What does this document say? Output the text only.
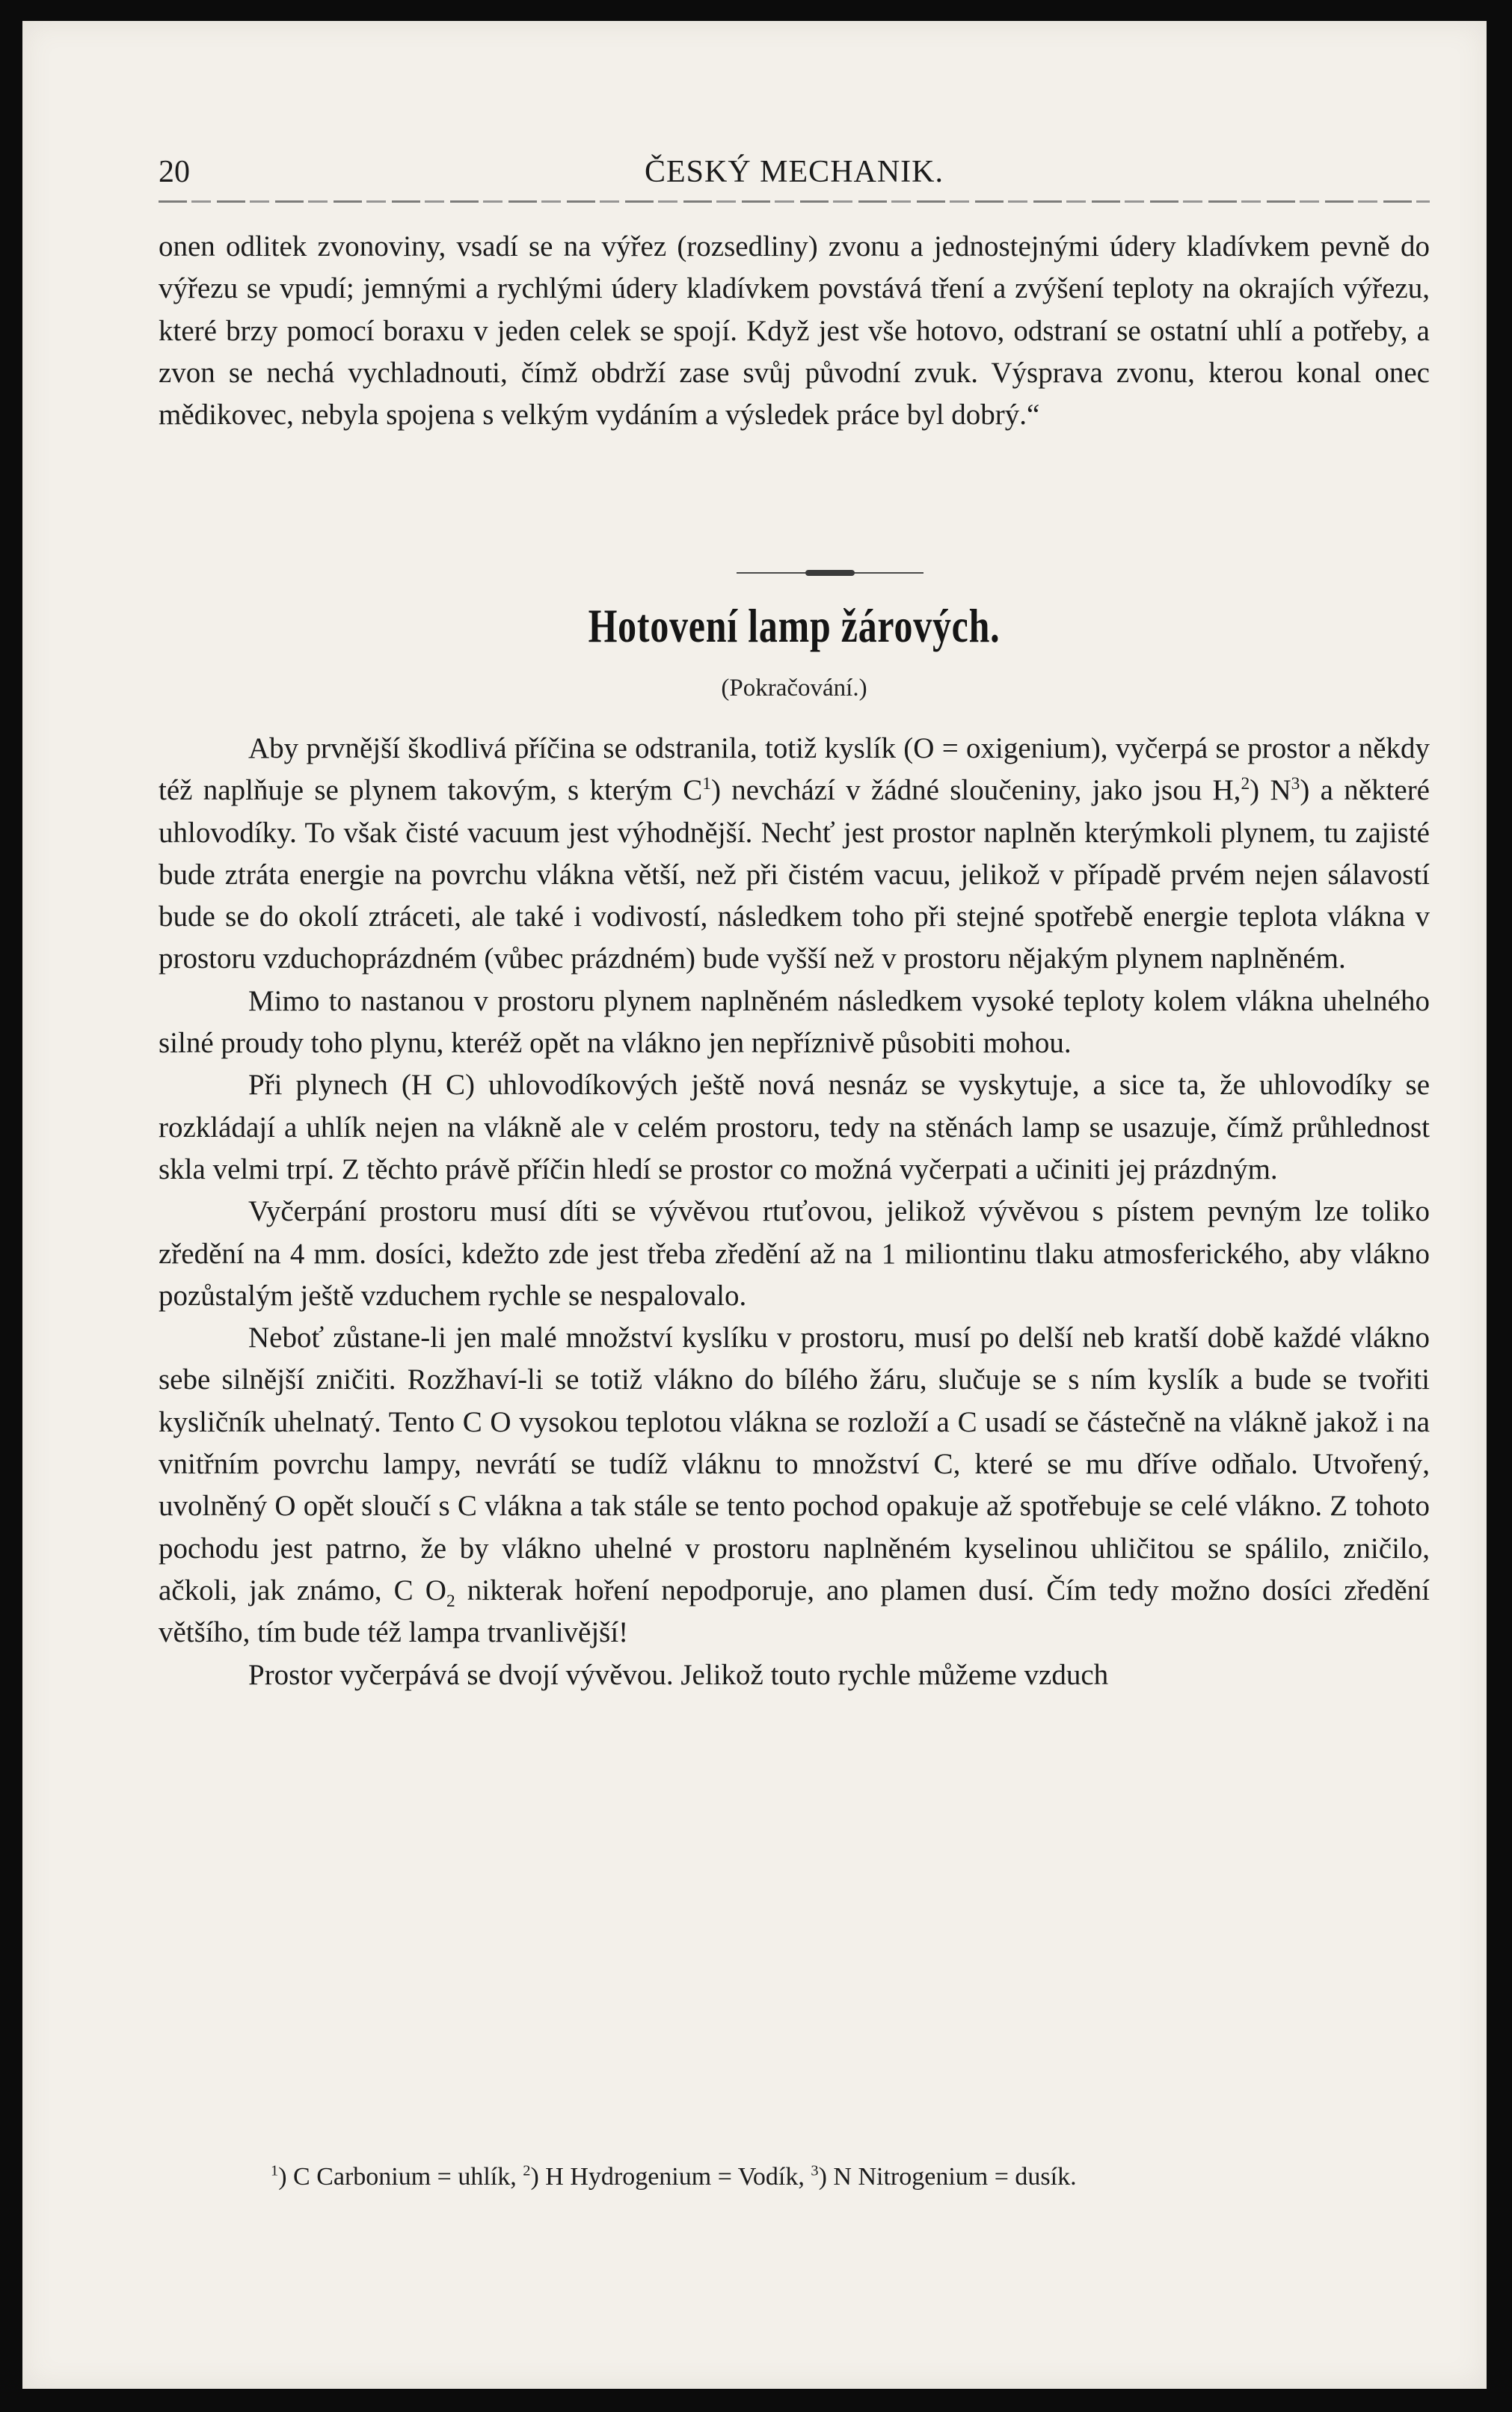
20	ČESKÝ MECHANIK.

onen odlitek zvonoviny, vsadí se na výřez (rozsedliny) zvonu a jednostejnými údery kladívkem pevně do výřezu se vpudí; jemnými a rychlými údery kladívkem povstává tření a zvýšení teploty na okrajích výřezu, které brzy pomocí boraxu v jeden celek se spojí. Když jest vše hotovo, odstraní se ostatní uhlí a potřeby, a zvon se nechá vychladnouti, čímž obdrží zase svůj původní zvuk. Výsprava zvonu, kterou konal onec mědikovec, nebyla spojena s velkým vydáním a výsledek práce byl dobrý.“

Hotovení lamp žárových.
(Pokračování.)

Aby prvnější škodlivá příčina se odstranila, totiž kyslík (O = oxigenium), vyčerpá se prostor a někdy též naplňuje se plynem takovým, s kterým $C^1$) nevchází v žádné sloučeniny, jako jsou H,$^2$) $N^3$) a některé uhlovodíky. To však čisté vacuum jest výhodnější. Nechť jest prostor naplněn kterýmkoli plynem, tu zajisté bude ztráta energie na povrchu vlákna větší, než při čistém vacuu, jelikož v případě prvém nejen sálavostí bude se do okolí ztráceti, ale také i vodivostí, následkem toho při stejné spotřebě energie teplota vlákna v prostoru vzduchoprázdném (vůbec prázdném) bude vyšší než v prostoru nějakým plynem naplněném.

Mimo to nastanou v prostoru plynem naplněném následkem vysoké teploty kolem vlákna uhelného silné proudy toho plynu, kteréž opět na vlákno jen nepříznivě působiti mohou.

Při plynech (H C) uhlovodíkových ještě nová nesnáz se vyskytuje, a sice ta, že uhlovodíky se rozkládají a uhlík nejen na vlákně ale v celém prostoru, tedy na stěnách lamp se usazuje, čímž průhlednost skla velmi trpí. Z těchto právě příčin hledí se prostor co možná vyčerpati a učiniti jej prázdným.

Vyčerpání prostoru musí díti se vývěvou rtuťovou, jelikož vývěvou s pístem pevným lze toliko zředění na 4 mm. dosíci, kdežto zde jest třeba zředění až na 1 miliontinu tlaku atmosferického, aby vlákno pozůstalým ještě vzduchem rychle se nespalovalo.

Neboť zůstane-li jen malé množství kyslíku v prostoru, musí po delší neb kratší době každé vlákno sebe silnější zničiti. Rozžhaví-li se totiž vlákno do bílého žáru, slučuje se s ním kyslík a bude se tvořiti kysličník uhelnatý. Tento C O vysokou teplotou vlákna se rozloží a C usadí se částečně na vlákně jakož i na vnitřním povrchu lampy, nevrátí se tudíž vláknu to množství C, které se mu dříve odňalo. Utvořený, uvolněný O opět sloučí s C vlákna a tak stále se tento pochod opakuje až spotřebuje se celé vlákno. Z tohoto pochodu jest patrno, že by vlákno uhelné v prostoru naplněném kyselinou uhličitou se spálilo, zničilo, ačkoli, jak známo, C $O_2$ nikterak hoření nepodporuje, ano plamen dusí. Čím tedy možno dosíci zředění většího, tím bude též lampa trvanlivější!

Prostor vyčerpává se dvojí vývěvou. Jelikož touto rychle můžeme vzduch

$^1$) C Carbonium = uhlík, $^2$) H Hydrogenium = Vodík, $^3$) N Nitrogenium = dusík.
